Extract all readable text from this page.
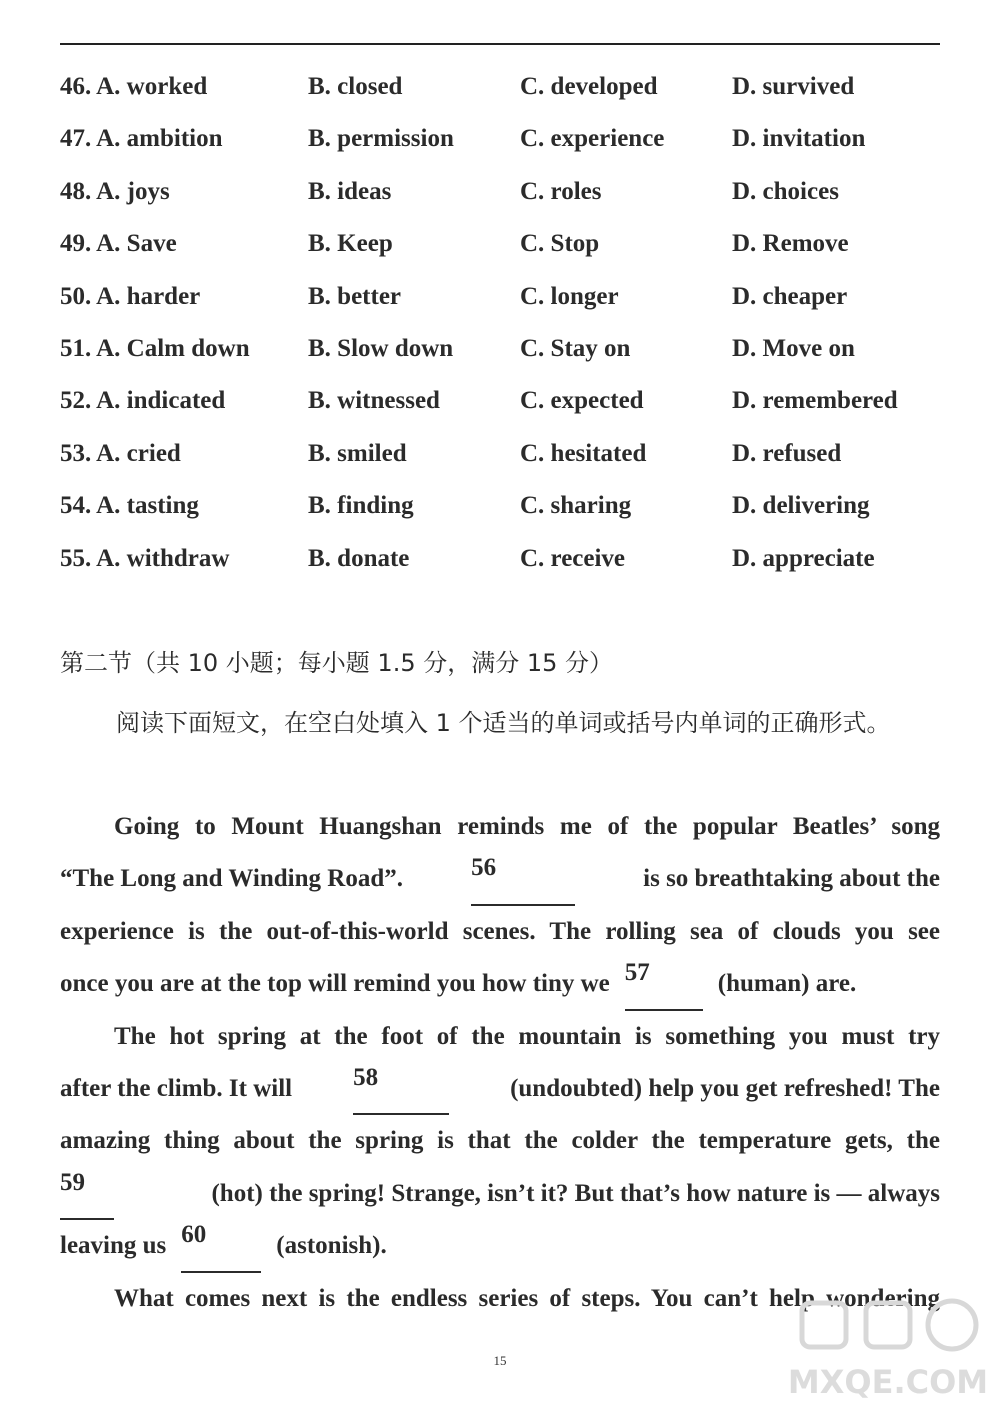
46. A. worked	B. closed	C. developed	D. survived
47. A. ambition	B. permission	C. experience	D. invitation
48. A. joys	B. ideas	C. roles	D. choices
49. A. Save	B. Keep	C. Stop	D. Remove
50. A. harder	B. better	C. longer	D. cheaper
51. A. Calm down B. Slow down	C. Stay on	D. Move on
52. A. indicated	B. witnessed	C. expected	D. remembered
53. A. cried	B. smiled	C. hesitated	D. refused
54. A. tasting	B. finding	C. sharing	D. delivering
55. A. withdraw	B. donate	C. receive	D. appreciate
第二节（共 10 小题；每小题 1.5 分，满分 15 分）
阅读下面短文，在空白处填入 1 个适当的单词或括号内单词的正确形式。
Going to Mount Huangshan reminds me of the popular Beatles’ song
“The Long and Winding Road”.	56	is so breathtaking about the
experience is the out-of-this-world scenes. The rolling sea of clouds you see
once you are at the top will remind you how tiny we 57	(human) are.
The hot spring at the foot of the mountain is something you must try
after the climb. It will 58	(undoubted) help you get refreshed! The
amazing thing about the spring is that the colder the temperature gets, the
59	(hot) the spring! Strange, isn’t it? But that’s how nature is — always
leaving us 60	(astonish).
What comes next is the endless series of steps. You can’t help wondering
15
MXQE.COM
